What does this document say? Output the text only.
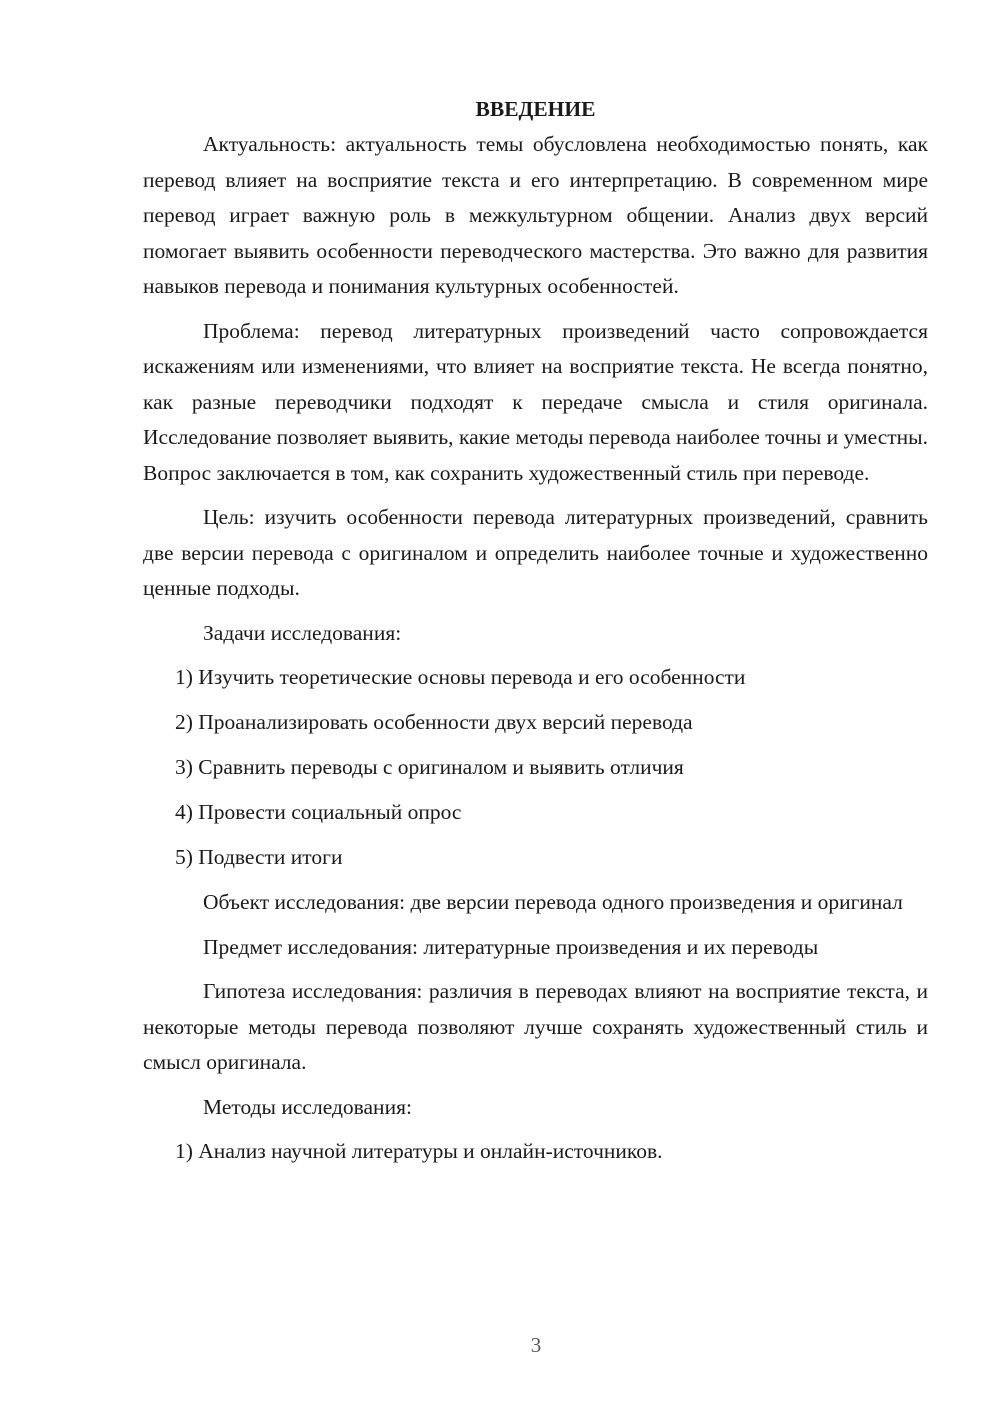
ВВЕДЕНИЕ

Актуальность: актуальность темы обусловлена необходимостью понять, как перевод влияет на восприятие текста и его интерпретацию. В современном мире перевод играет важную роль в межкультурном общении. Анализ двух версий помогает выявить особенности переводческого мастерства. Это важно для развития навыков перевода и понимания культурных особенностей.

Проблема: перевод литературных произведений часто сопровождается искажениям или изменениями, что влияет на восприятие текста. Не всегда понятно, как разные переводчики подходят к передаче смысла и стиля оригинала. Исследование позволяет выявить, какие методы перевода наиболее точны и уместны. Вопрос заключается в том, как сохранить художественный стиль при переводе.

Цель: изучить особенности перевода литературных произведений, сравнить две версии перевода с оригиналом и определить наиболее точные и художественно ценные подходы.

Задачи исследования:

1) Изучить теоретические основы перевода и его особенности

2) Проанализировать особенности двух версий перевода

3) Сравнить переводы с оригиналом и выявить отличия

4) Провести социальный опрос

5) Подвести итоги

Объект исследования: две версии перевода одного произведения и оригинал

Предмет исследования: литературные произведения и их переводы

Гипотеза исследования: различия в переводах влияют на восприятие текста, и некоторые методы перевода позволяют лучше сохранять художественный стиль и смысл оригинала.

Методы исследования:

1) Анализ научной литературы и онлайн-источников.

3
